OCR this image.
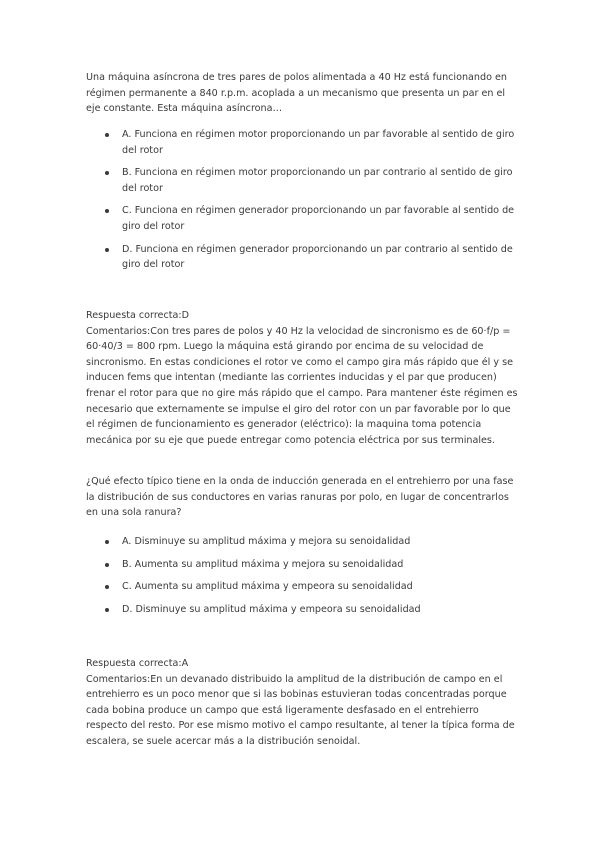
Una máquina asíncrona de tres pares de polos alimentada a 40 Hz está funcionando en régimen permanente a 840 r.p.m. acoplada a un mecanismo que presenta un par en el eje constante. Esta máquina asíncrona…

A. Funciona en régimen motor proporcionando un par favorable al sentido de giro del rotor
B. Funciona en régimen motor proporcionando un par contrario al sentido de giro del rotor
C. Funciona en régimen generador proporcionando un par favorable al sentido de giro del rotor
D. Funciona en régimen generador proporcionando un par contrario al sentido de giro del rotor

Respuesta correcta:D

Comentarios:Con tres pares de polos y 40 Hz la velocidad de sincronismo es de 60·f/p = 60·40/3 = 800 rpm. Luego la máquina está girando por encima de su velocidad de sincronismo. En estas condiciones el rotor ve como el campo gira más rápido que él y se inducen fems que intentan (mediante las corrientes inducidas y el par que producen) frenar el rotor para que no gire más rápido que el campo. Para mantener éste régimen es necesario que externamente se impulse el giro del rotor con un par favorable por lo que el régimen de funcionamiento es generador (eléctrico): la maquina toma potencia mecánica por su eje que puede entregar como potencia eléctrica por sus terminales.

¿Qué efecto típico tiene en la onda de inducción generada en el entrehierro por una fase la distribución de sus conductores en varias ranuras por polo, en lugar de concentrarlos en una sola ranura?

A. Disminuye su amplitud máxima y mejora su senoidalidad
B. Aumenta su amplitud máxima y mejora su senoidalidad
C. Aumenta su amplitud máxima y empeora su senoidalidad
D. Disminuye su amplitud máxima y empeora su senoidalidad

Respuesta correcta:A

Comentarios:En un devanado distribuido la amplitud de la distribución de campo en el entrehierro es un poco menor que si las bobinas estuvieran todas concentradas porque cada bobina produce un campo que está ligeramente desfasado en el entrehierro respecto del resto. Por ese mismo motivo el campo resultante, al tener la típica forma de escalera, se suele acercar más a la distribución senoidal.
